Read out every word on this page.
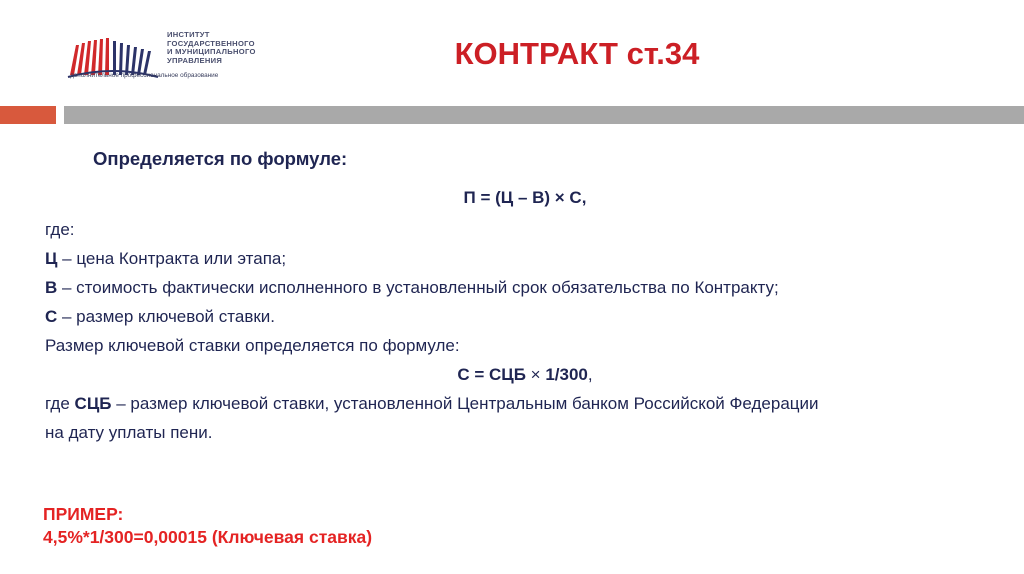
ИНСТИТУТ
ГОСУДАРСТВЕННОГО
И МУНИЦИПАЛЬНОГО
УПРАВЛЕНИЯ
дополнительное профессиональное образование
КОНТРАКТ ст.34
Определяется по формуле:
П = (Ц – В) × С,
где:
Ц – цена Контракта или этапа;
В – стоимость фактически исполненного в установленный срок обязательства по Контракту;
С – размер ключевой ставки.
Размер ключевой ставки определяется по формуле:
С = СЦБ × 1/300,
где СЦБ – размер ключевой ставки, установленной Центральным банком Российской Федерации
на дату уплаты пени.
ПРИМЕР:
4,5%*1/300=0,00015 (Ключевая ставка)
